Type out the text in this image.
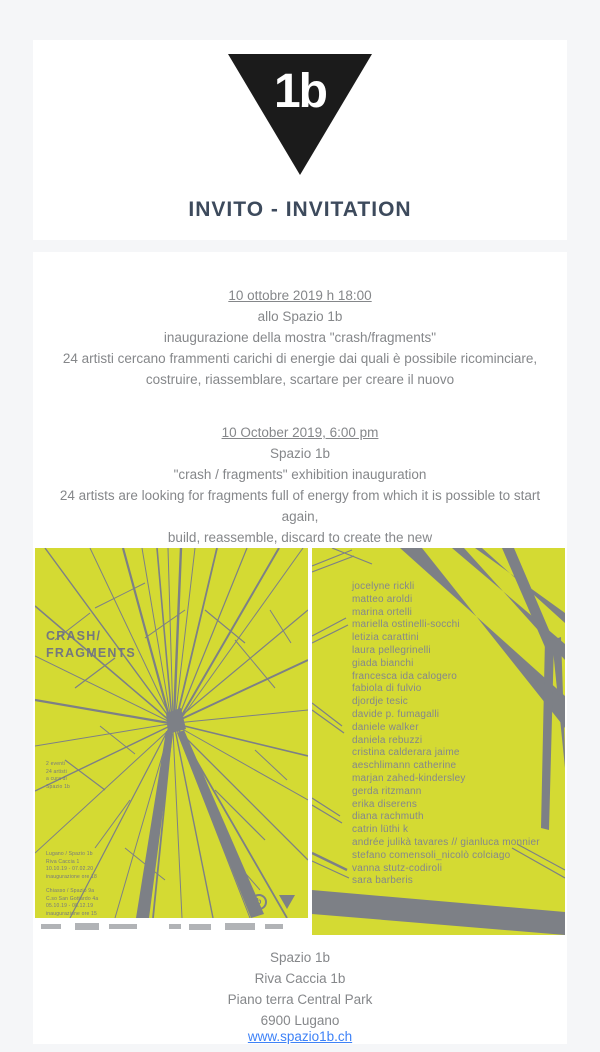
1b
INVITO - INVITATION
10 ottobre 2019 h 18:00
allo Spazio 1b
inaugurazione della mostra "crash/fragments"
24 artisti cercano frammenti carichi di energie dai quali è possibile ricominciare,
costruire, riassemblare, scartare per creare il nuovo
10 October 2019, 6:00 pm
Spazio 1b
"crash / fragments" exhibition inauguration
24 artists are looking for fragments full of energy from which it is possible to start again,
build, reassemble, discard to create the new
CRASH/
FRAGMENTS
2 eventi
24 artisti
a cura di
Spazio 1b
Lugano / Spazio 1b
Riva Caccia 1
10.10.19 - 07.02.20
inaugurazione ore 18
Chiasso / Spazio 9a
C.so San Gottardo 4a
05.10.19 - 08.12.19
inaugurazione ore 15
b
jocelyne rickli
matteo aroldi
marina ortelli
mariella ostinelli-socchi
letizia carattini
laura pellegrinelli
giada bianchi
francesca ida calogero
fabiola di fulvio
djordje tesic
davide p. fumagalli
daniele walker
daniela rebuzzi
cristina calderara jaime
aeschlimann catherine
marjan zahed-kindersley
gerda ritzmann
erika diserens
diana rachmuth
catrin lüthi k
andrée julikà tavares // gianluca monnier
stefano comensoli_nicolò colciago
vanna stutz-codiroli
sara barberis
Spazio 1b
Riva Caccia 1b
Piano terra Central Park
6900 Lugano
www.spazio1b.ch
